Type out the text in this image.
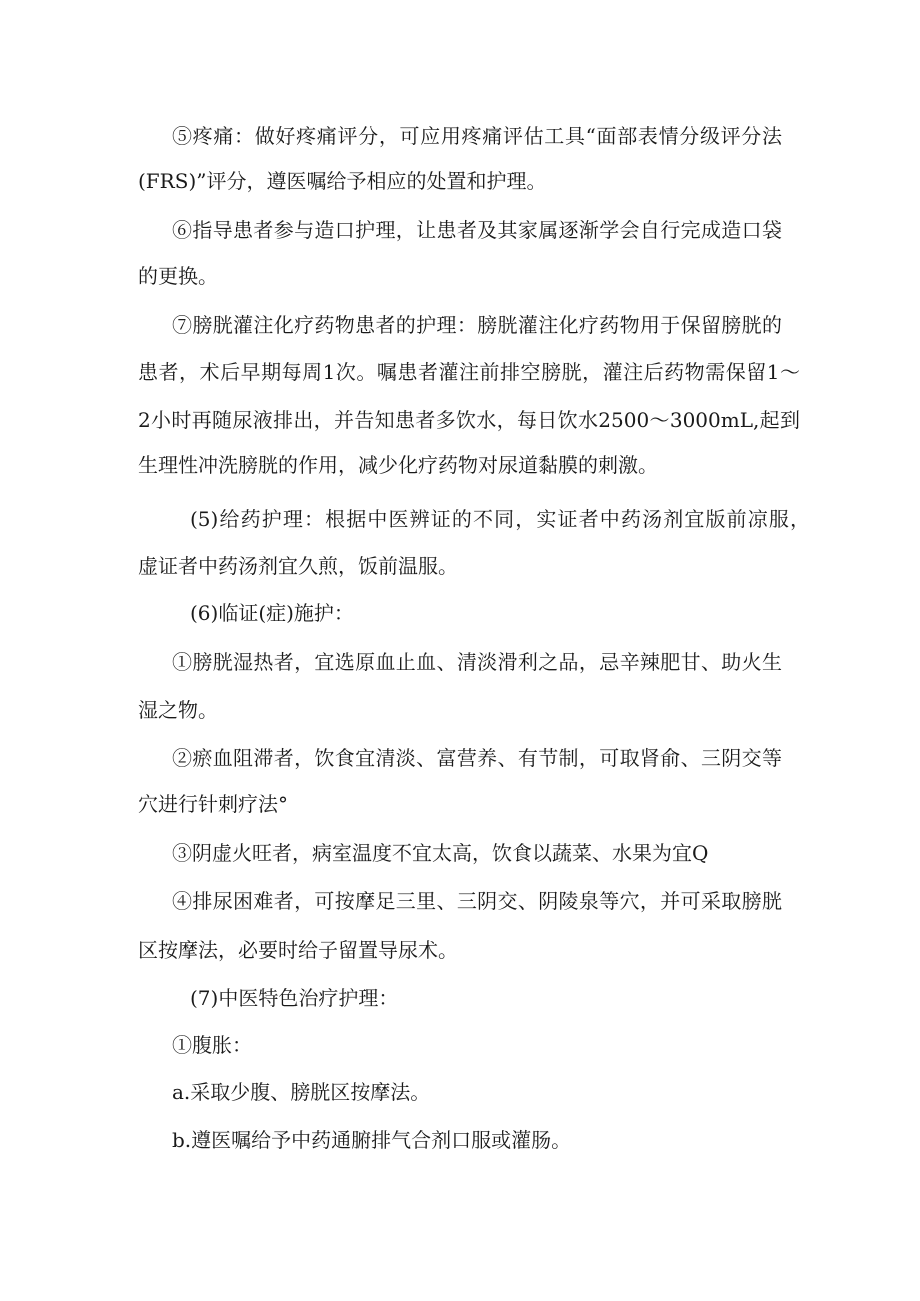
⑤疼痛：做好疼痛评分，可应用疼痛评估工具“面部表情分级评分法
(FRS)”评分，遵医嘱给予相应的处置和护理。
⑥指导患者参与造口护理，让患者及其家属逐渐学会自行完成造口袋
的更换。
⑦膀胱灌注化疗药物患者的护理：膀胱灌注化疗药物用于保留膀胱的
患者，术后早期每周1次。嘱患者灌注前排空膀胱，灌注后药物需保留1～
2小时再随尿液排出，并告知患者多饮水，每日饮水2500～3000mL,起到
生理性冲洗膀胱的作用，减少化疗药物对尿道黏膜的刺激。
(5)给药护理：根据中医辨证的不同，实证者中药汤剂宜版前凉服，
虚证者中药汤剂宜久煎，饭前温服。
(6)临证(症)施护：
①膀胱湿热者，宜选原血止血、清淡滑利之品，忌辛辣肥甘、助火生
湿之物。
②瘀血阻滞者，饮食宜清淡、富营养、有节制，可取肾俞、三阴交等
穴进行针刺疗法°
③阴虚火旺者，病室温度不宜太高，饮食以蔬菜、水果为宜Q
④排尿困难者，可按摩足三里、三阴交、阴陵泉等穴，并可采取膀胱
区按摩法，必要时给子留置导尿术。
(7)中医特色治疗护理：
①腹胀：
a.采取少腹、膀胱区按摩法。
b.遵医嘱给予中药通腑排气合剂口服或灌肠。
